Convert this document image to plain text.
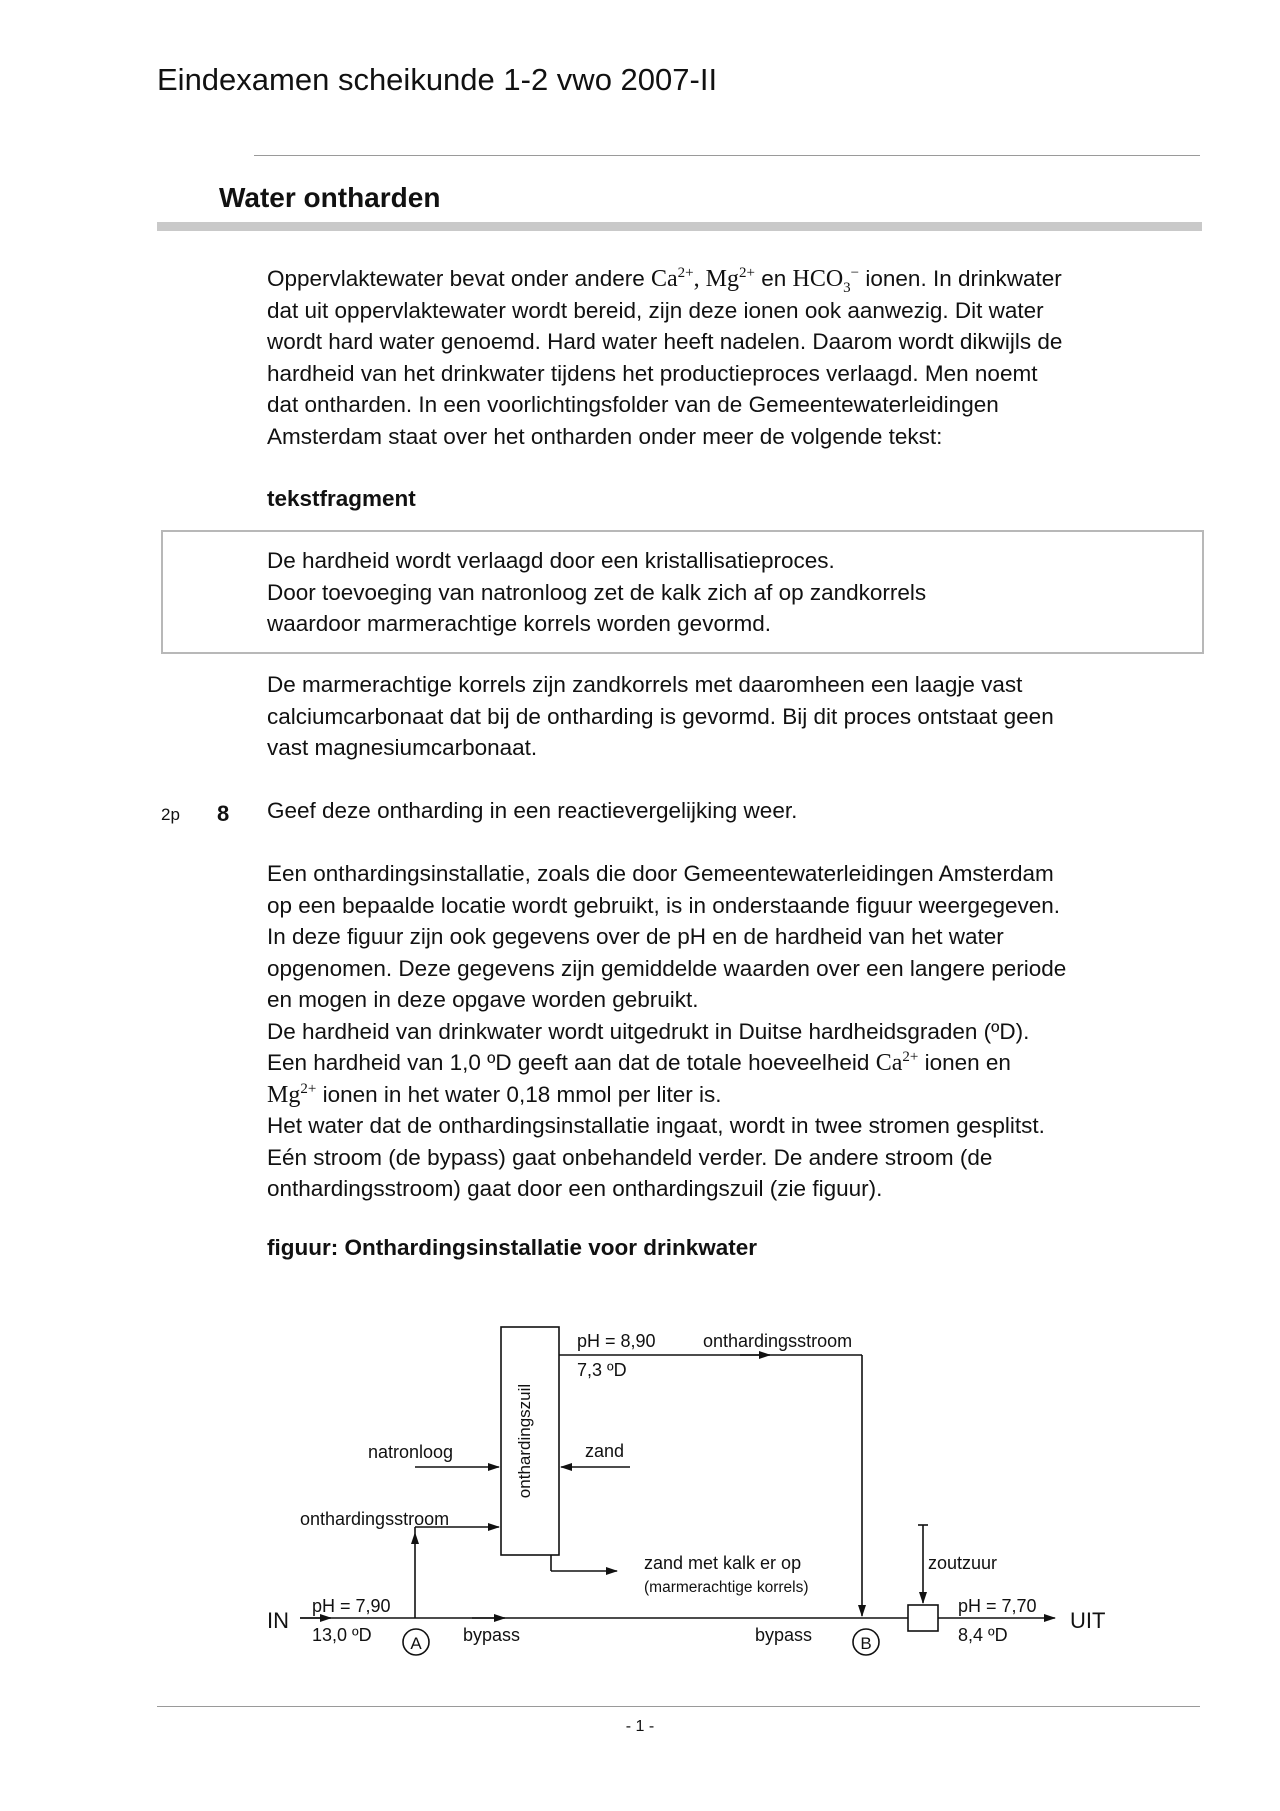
Eindexamen scheikunde 1-2 vwo 2007-II
Water ontharden
Oppervlaktewater bevat onder andere $Ca^{2+}$, $Mg^{2+}$ en $HCO_3^-$ ionen. In drinkwater
dat uit oppervlaktewater wordt bereid, zijn deze ionen ook aanwezig. Dit water
wordt hard water genoemd. Hard water heeft nadelen. Daarom wordt dikwijls de
hardheid van het drinkwater tijdens het productieproces verlaagd. Men noemt
dat ontharden. In een voorlichtingsfolder van de Gemeentewaterleidingen
Amsterdam staat over het ontharden onder meer de volgende tekst:
tekstfragment
De hardheid wordt verlaagd door een kristallisatieproces.
Door toevoeging van natronloog zet de kalk zich af op zandkorrels
waardoor marmerachtige korrels worden gevormd.
De marmerachtige korrels zijn zandkorrels met daaromheen een laagje vast
calciumcarbonaat dat bij de ontharding is gevormd. Bij dit proces ontstaat geen
vast magnesiumcarbonaat.
2p 8 Geef deze ontharding in een reactievergelijking weer.
Een onthardingsinstallatie, zoals die door Gemeentewaterleidingen Amsterdam
op een bepaalde locatie wordt gebruikt, is in onderstaande figuur weergegeven.
In deze figuur zijn ook gegevens over de pH en de hardheid van het water
opgenomen. Deze gegevens zijn gemiddelde waarden over een langere periode
en mogen in deze opgave worden gebruikt.
De hardheid van drinkwater wordt uitgedrukt in Duitse hardheidsgraden (ºD).
Een hardheid van 1,0 ºD geeft aan dat de totale hoeveelheid $Ca^{2+}$ ionen en
$Mg^{2+}$ ionen in het water 0,18 mmol per liter is.
Het water dat de onthardingsinstallatie ingaat, wordt in twee stromen gesplitst.
Eén stroom (de bypass) gaat onbehandeld verder. De andere stroom (de
onthardingsstroom) gaat door een onthardingszuil (zie figuur).
figuur: Onthardingsinstallatie voor drinkwater
onthardingszuil
pH = 8,90	onthardingsstroom
7,3 ºD
natronloog	zand
onthardingsstroom
zand met kalk er op
(marmerachtige korrels)
zoutzuur
IN
pH = 7,90
13,0 ºD A bypass	bypass	B
pH = 7,70
8,4 ºD
UIT
- 1 -
